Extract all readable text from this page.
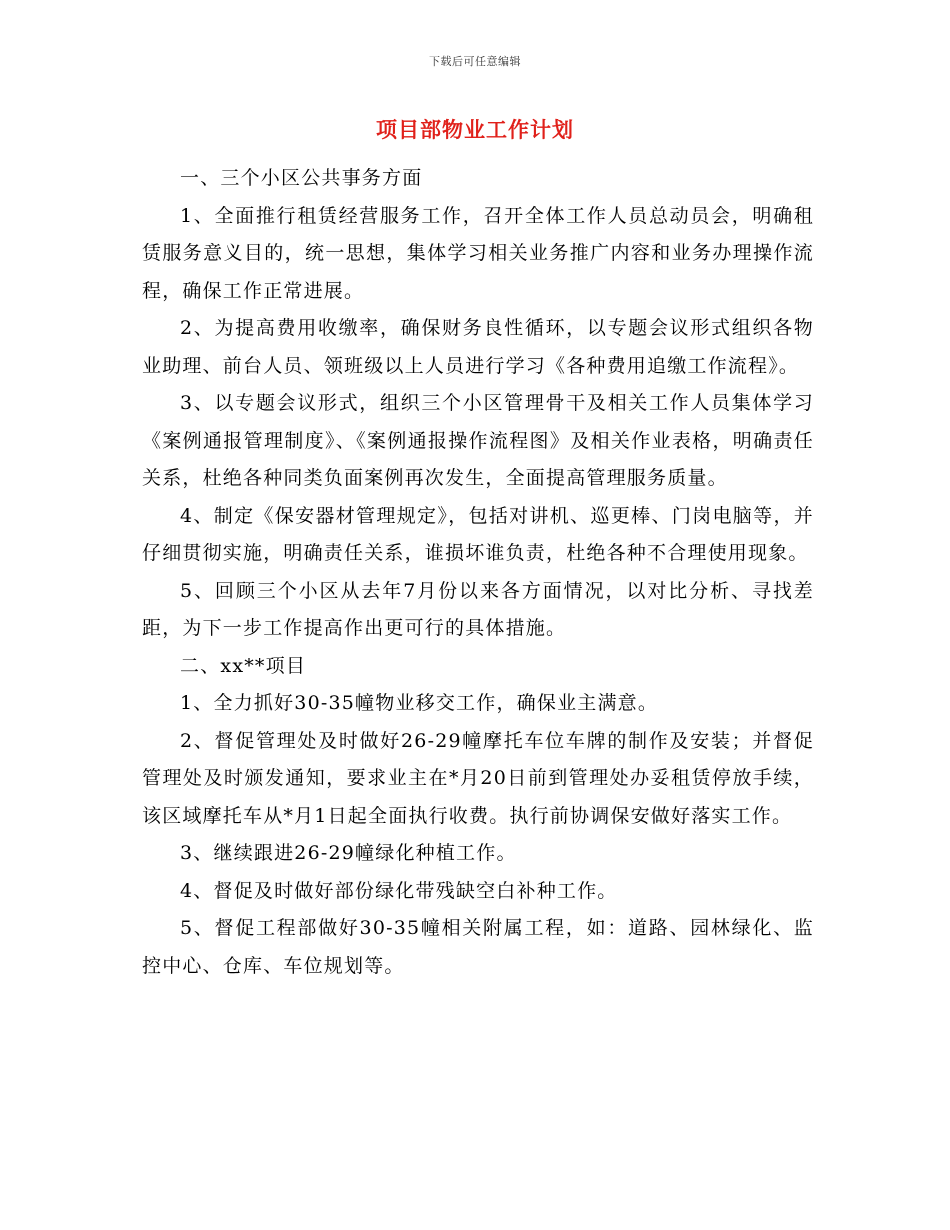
下载后可任意编辑
项目部物业工作计划

一、三个小区公共事务方面

1、全面推行租赁经营服务工作，召开全体工作人员总动员会，明确租赁服务意义目的，统一思想，集体学习相关业务推广内容和业务办理操作流程，确保工作正常进展。

2、为提高费用收缴率，确保财务良性循环，以专题会议形式组织各物业助理、前台人员、领班级以上人员进行学习《各种费用追缴工作流程》。

3、以专题会议形式，组织三个小区管理骨干及相关工作人员集体学习《案例通报管理制度》、《案例通报操作流程图》及相关作业表格，明确责任关系，杜绝各种同类负面案例再次发生，全面提高管理服务质量。

4、制定《保安器材管理规定》，包括对讲机、巡更棒、门岗电脑等，并仔细贯彻实施，明确责任关系，谁损坏谁负责，杜绝各种不合理使用现象。

5、回顾三个小区从去年7月份以来各方面情况，以对比分析、寻找差距，为下一步工作提高作出更可行的具体措施。

二、xx**项目

1、全力抓好30-35幢物业移交工作，确保业主满意。

2、督促管理处及时做好26-29幢摩托车位车牌的制作及安装；并督促管理处及时颁发通知，要求业主在*月20日前到管理处办妥租赁停放手续，该区域摩托车从*月1日起全面执行收费。执行前协调保安做好落实工作。

3、继续跟进26-29幢绿化种植工作。

4、督促及时做好部份绿化带残缺空白补种工作。

5、督促工程部做好30-35幢相关附属工程，如：道路、园林绿化、监控中心、仓库、车位规划等。
